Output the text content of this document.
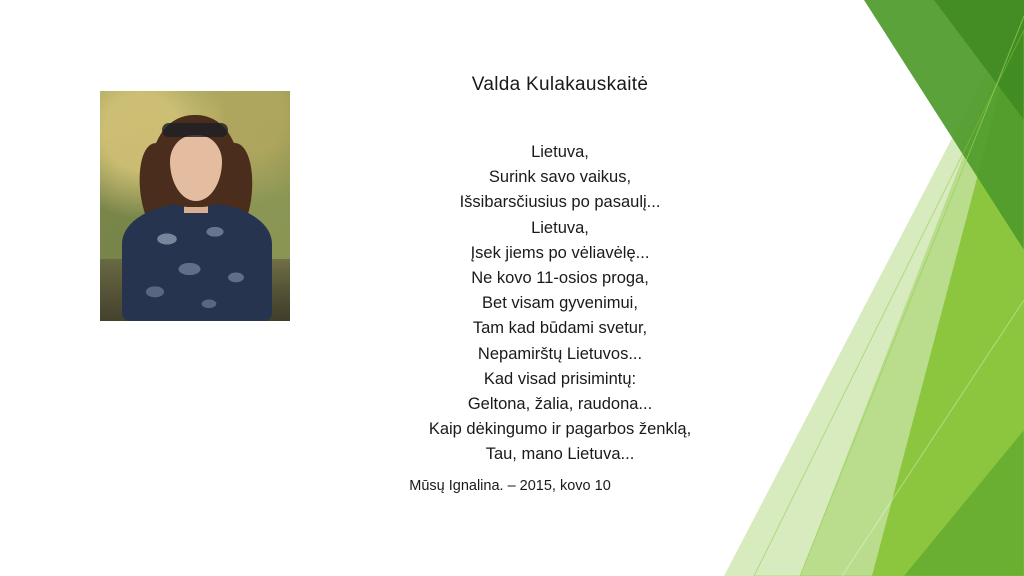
Valda Kulakauskaitė
Lietuva,
Surink savo vaikus,
Išsibarsčiusius po pasaulį...
Lietuva,
Įsek jiems po vėliavėlę...
Ne kovo 11-osios proga,
Bet visam gyvenimui,
Tam kad būdami svetur,
Nepamirštų Lietuvos...
Kad visad prisimintų:
Geltona, žalia, raudona...
Kaip dėkingumo ir pagarbos ženklą,
Tau, mano Lietuva...
Mūsų Ignalina. – 2015, kovo 10
